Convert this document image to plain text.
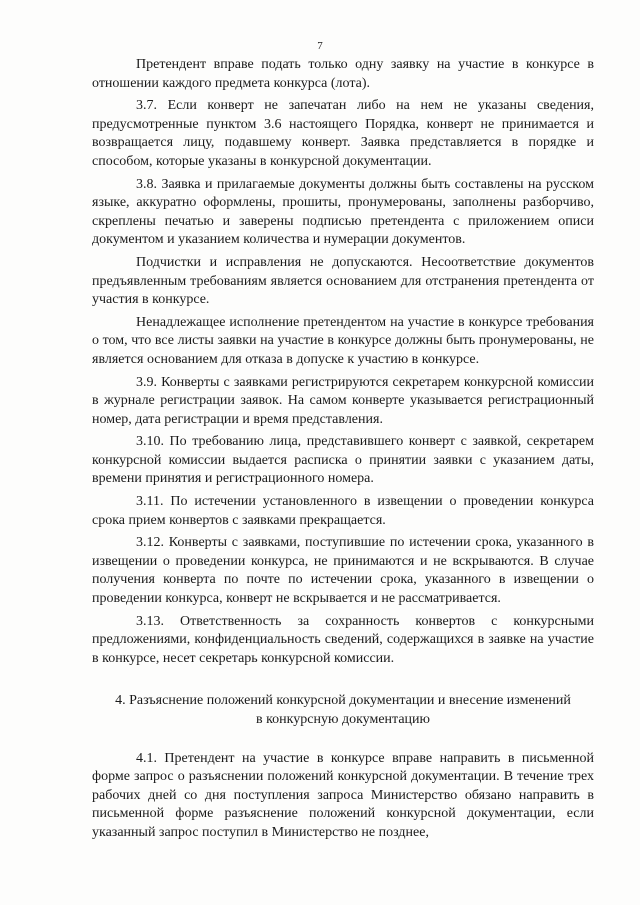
7

Претендент вправе подать только одну заявку на участие в конкурсе в отношении каждого предмета конкурса (лота).

3.7. Если конверт не запечатан либо на нем не указаны сведения, предусмотренные пунктом 3.6 настоящего Порядка, конверт не принимается и возвращается лицу, подавшему конверт. Заявка представляется в порядке и способом, которые указаны в конкурсной документации.

3.8. Заявка и прилагаемые документы должны быть составлены на русском языке, аккуратно оформлены, прошиты, пронумерованы, заполнены разборчиво, скреплены печатью и заверены подписью претендента с приложением описи документом и указанием количества и нумерации документов.

Подчистки и исправления не допускаются. Несоответствие документов предъявленным требованиям является основанием для отстранения претендента от участия в конкурсе.

Ненадлежащее исполнение претендентом на участие в конкурсе требования о том, что все листы заявки на участие в конкурсе должны быть пронумерованы, не является основанием для отказа в допуске к участию в конкурсе.

3.9. Конверты с заявками регистрируются секретарем конкурсной комиссии в журнале регистрации заявок. На самом конверте указывается регистрационный номер, дата регистрации и время представления.

3.10. По требованию лица, представившего конверт с заявкой, секретарем конкурсной комиссии выдается расписка о принятии заявки с указанием даты, времени принятия и регистрационного номера.

3.11. По истечении установленного в извещении о проведении конкурса срока прием конвертов с заявками прекращается.

3.12. Конверты с заявками, поступившие по истечении срока, указанного в извещении о проведении конкурса, не принимаются и не вскрываются. В случае получения конверта по почте по истечении срока, указанного в извещении о проведении конкурса, конверт не вскрывается и не рассматривается.

3.13. Ответственность за сохранность конвертов с конкурсными предложениями, конфиденциальность сведений, содержащихся в заявке на участие в конкурсе, несет секретарь конкурсной комиссии.

4. Разъяснение положений конкурсной документации и внесение изменений в конкурсную документацию

4.1. Претендент на участие в конкурсе вправе направить в письменной форме запрос о разъяснении положений конкурсной документации. В течение трех рабочих дней со дня поступления запроса Министерство обязано направить в письменной форме разъяснение положений конкурсной документации, если указанный запрос поступил в Министерство не позднее,
